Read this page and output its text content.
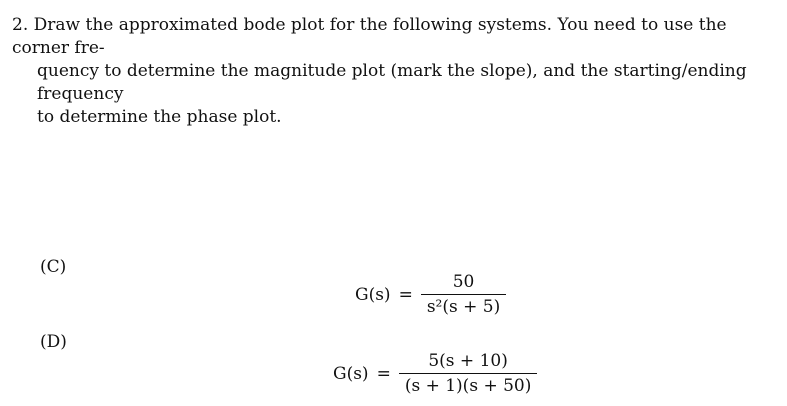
2. Draw the approximated bode plot for the following systems. You need to use the corner fre-
quency to determine the magnitude plot (mark the slope), and the starting/ending frequency
to determine the phase plot.
(C)
$G(s) = \frac{50}{\text{s²(s + 5)}}$
(D)
$G(s) = \frac{5(s + 10)}{(s + 1)(s + 50)}$
